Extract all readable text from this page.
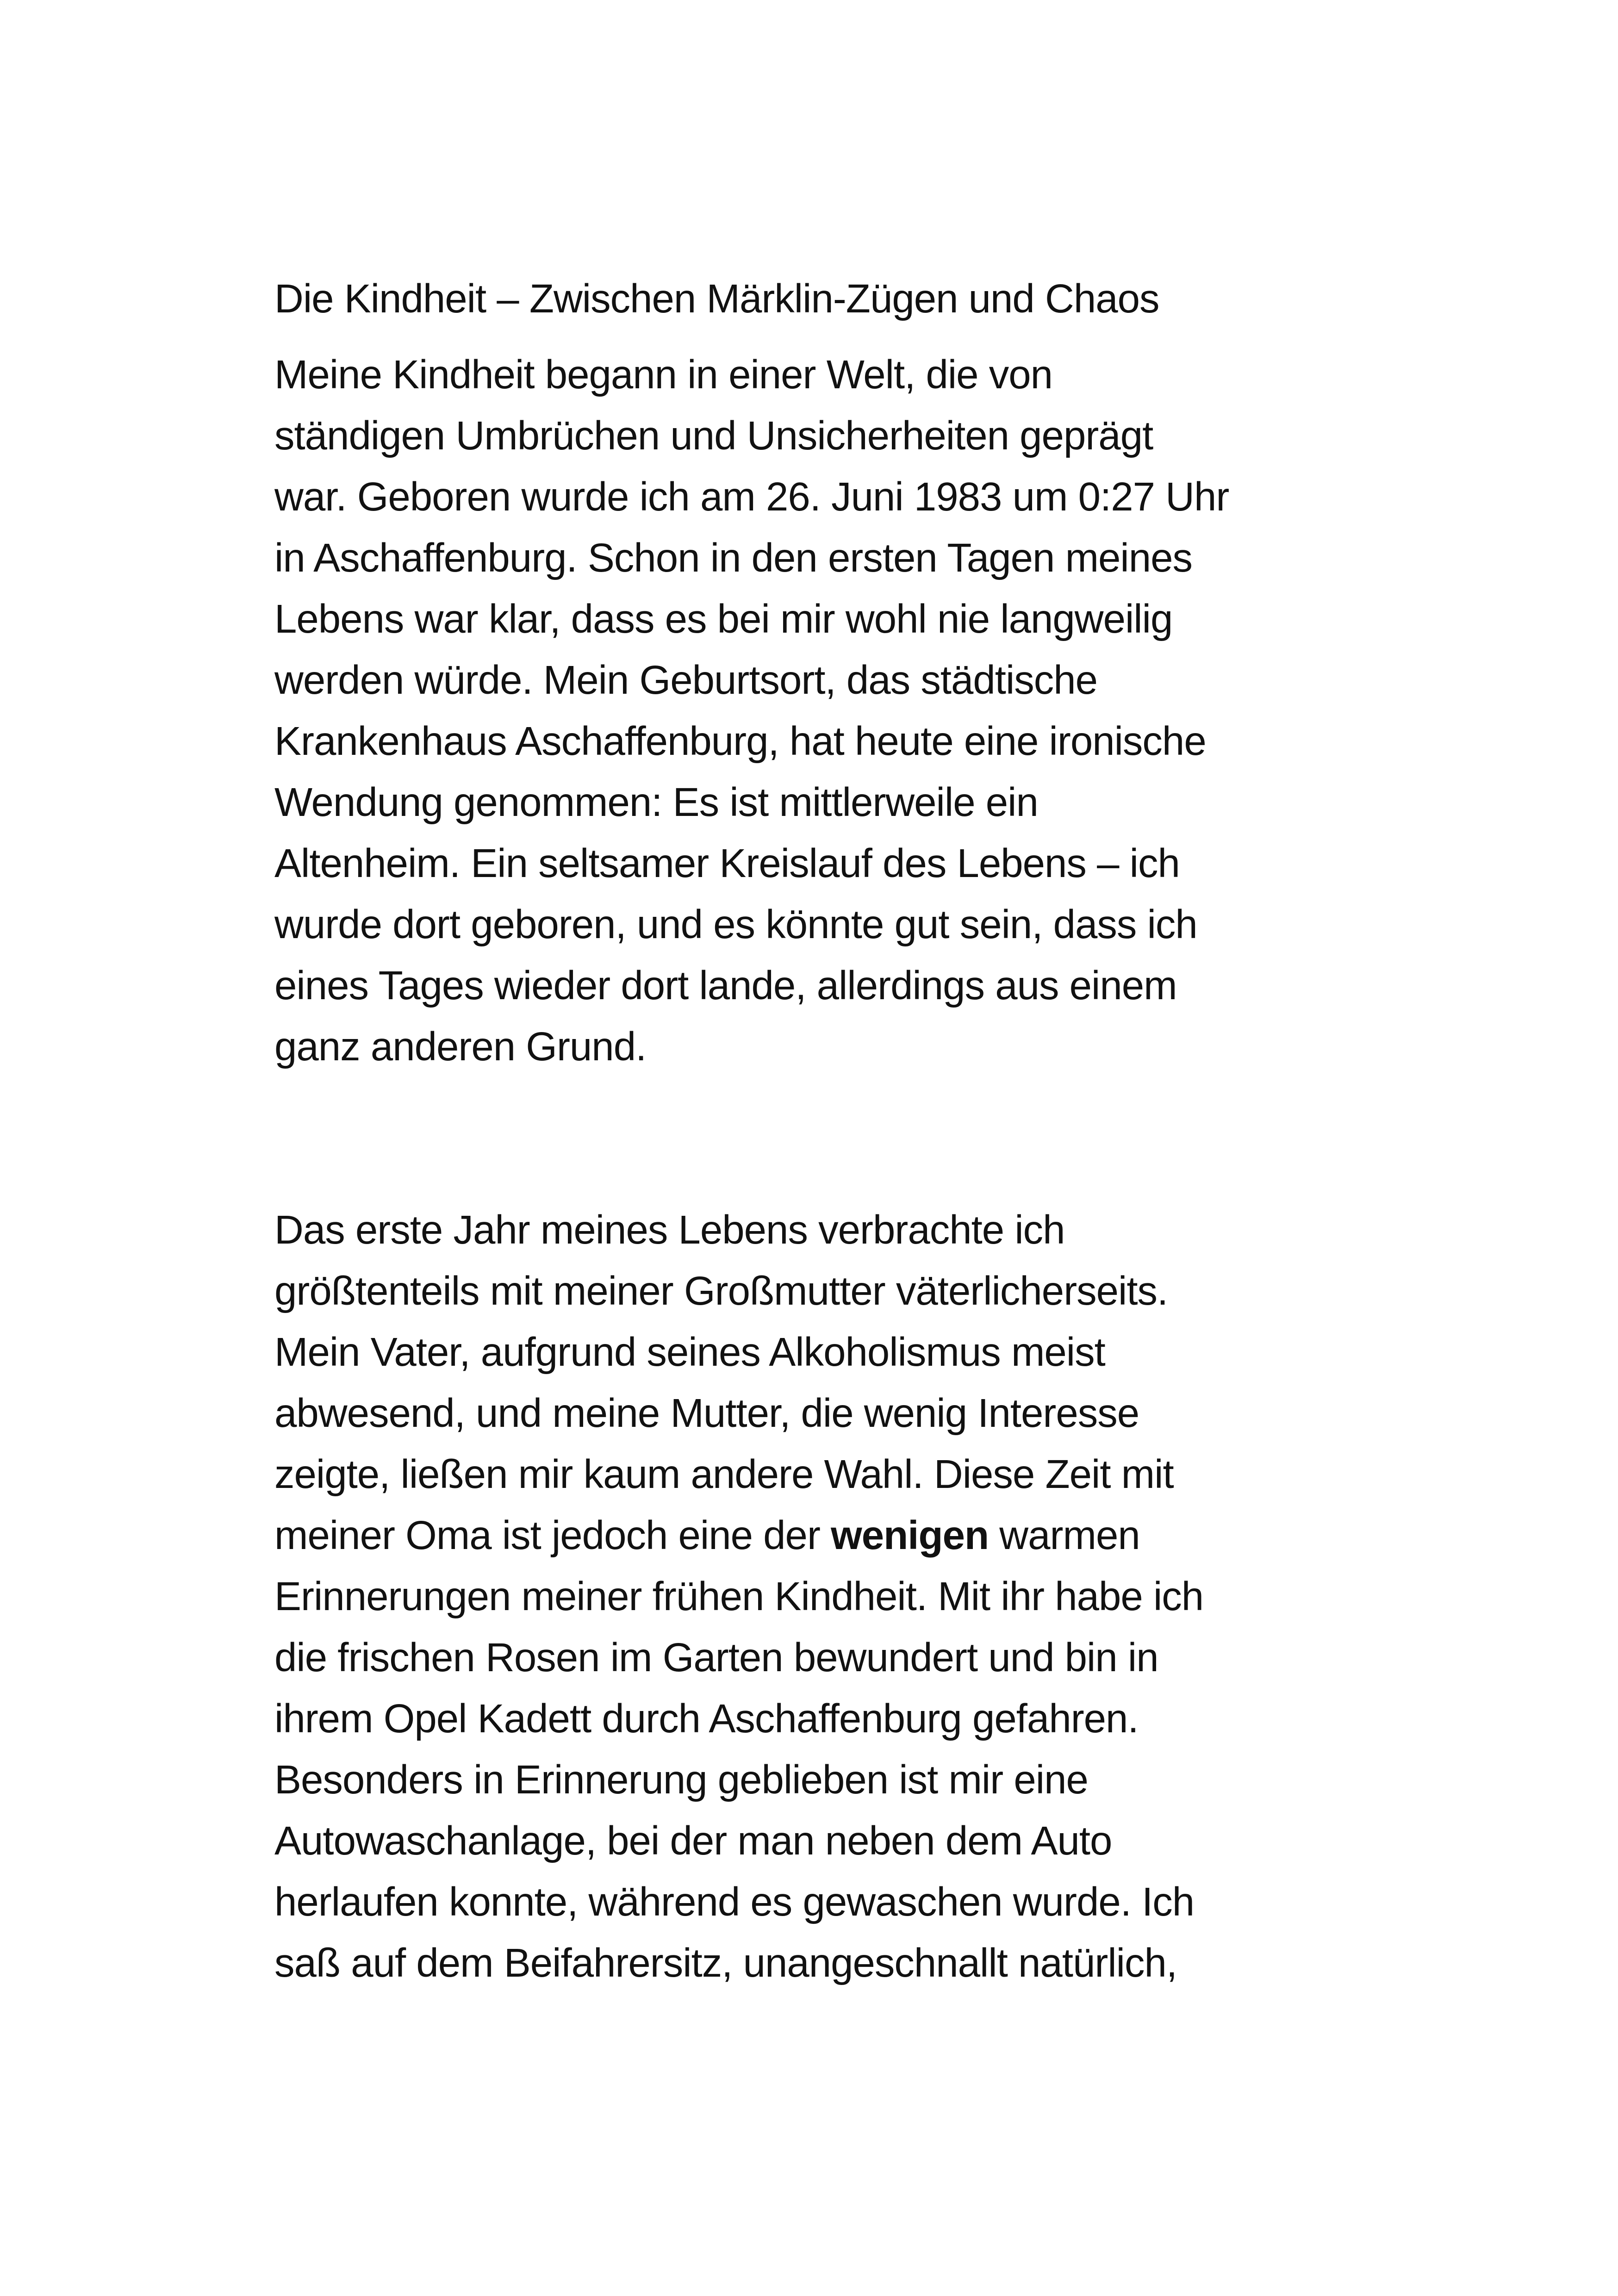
Die Kindheit – Zwischen Märklin-Zügen und Chaos

Meine Kindheit begann in einer Welt, die von
ständigen Umbrüchen und Unsicherheiten geprägt
war. Geboren wurde ich am 26. Juni 1983 um 0:27 Uhr
in Aschaffenburg. Schon in den ersten Tagen meines
Lebens war klar, dass es bei mir wohl nie langweilig
werden würde. Mein Geburtsort, das städtische
Krankenhaus Aschaffenburg, hat heute eine ironische
Wendung genommen: Es ist mittlerweile ein
Altenheim. Ein seltsamer Kreislauf des Lebens – ich
wurde dort geboren, und es könnte gut sein, dass ich
eines Tages wieder dort lande, allerdings aus einem
ganz anderen Grund.

Das erste Jahr meines Lebens verbrachte ich
größtenteils mit meiner Großmutter väterlicherseits.
Mein Vater, aufgrund seines Alkoholismus meist
abwesend, und meine Mutter, die wenig Interesse
zeigte, ließen mir kaum andere Wahl. Diese Zeit mit
meiner Oma ist jedoch eine der wenigen warmen
Erinnerungen meiner frühen Kindheit. Mit ihr habe ich
die frischen Rosen im Garten bewundert und bin in
ihrem Opel Kadett durch Aschaffenburg gefahren.
Besonders in Erinnerung geblieben ist mir eine
Autowaschanlage, bei der man neben dem Auto
herlaufen konnte, während es gewaschen wurde. Ich
saß auf dem Beifahrersitz, unangeschnallt natürlich,
